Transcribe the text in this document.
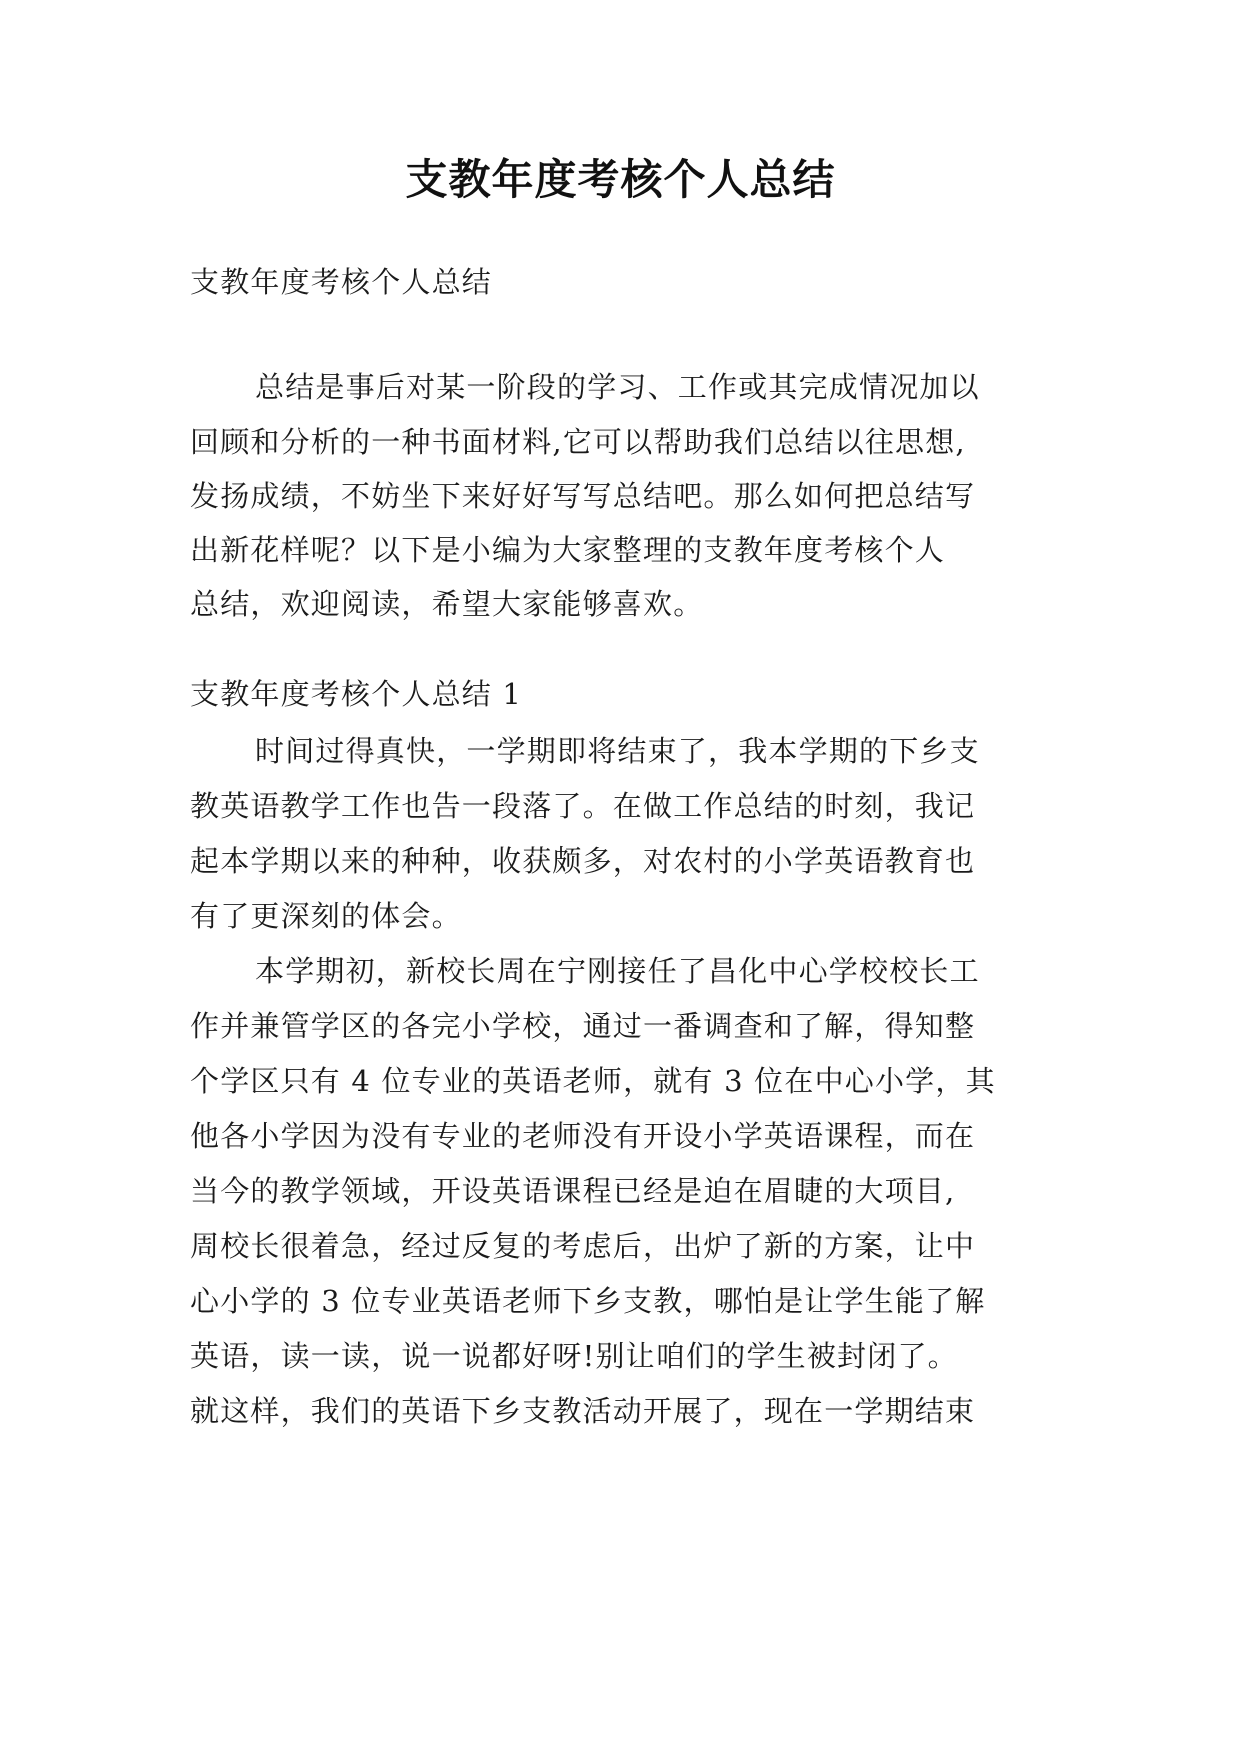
支教年度考核个人总结

支教年度考核个人总结

总结是事后对某一阶段的学习、工作或其完成情况加以

回顾和分析的一种书面材料,它可以帮助我们总结以往思想,

发扬成绩，不妨坐下来好好写写总结吧。那么如何把总结写

出新花样呢？以下是小编为大家整理的支教年度考核个人

总结，欢迎阅读，希望大家能够喜欢。

支教年度考核个人总结 1

时间过得真快，一学期即将结束了，我本学期的下乡支

教英语教学工作也告一段落了。在做工作总结的时刻，我记

起本学期以来的种种，收获颇多，对农村的小学英语教育也

有了更深刻的体会。

本学期初，新校长周在宁刚接任了昌化中心学校校长工

作并兼管学区的各完小学校，通过一番调查和了解，得知整

个学区只有 4 位专业的英语老师，就有 3 位在中心小学，其

他各小学因为没有专业的老师没有开设小学英语课程，而在

当今的教学领域，开设英语课程已经是迫在眉睫的大项目,

周校长很着急，经过反复的考虑后，出炉了新的方案，让中

心小学的 3 位专业英语老师下乡支教，哪怕是让学生能了解

英语，读一读，说一说都好呀!别让咱们的学生被封闭了。

就这样，我们的英语下乡支教活动开展了，现在一学期结束
